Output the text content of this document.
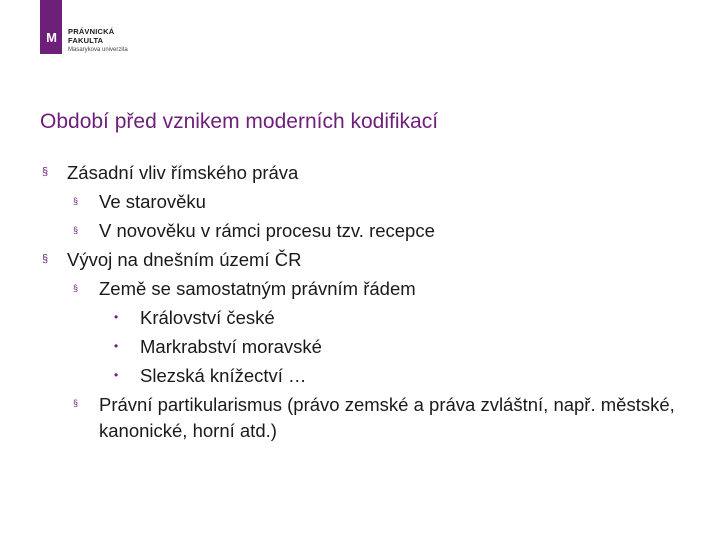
M PRÁVNICKÁ
FAKULTA
Masarykova univerzita
Období před vznikem moderních kodifikací
§ Zásadní vliv římského práva
§ Ve starověku
§ V novověku v rámci procesu tzv. recepce
§ Vývoj na dnešním území ČR
§ Země se samostatným právním řádem
• Království české
• Markrabství moravské
• Slezská knížectví …
§ Právní partikularismus (právo zemské a práva zvláštní, např. městské, kanonické, horní atd.)
